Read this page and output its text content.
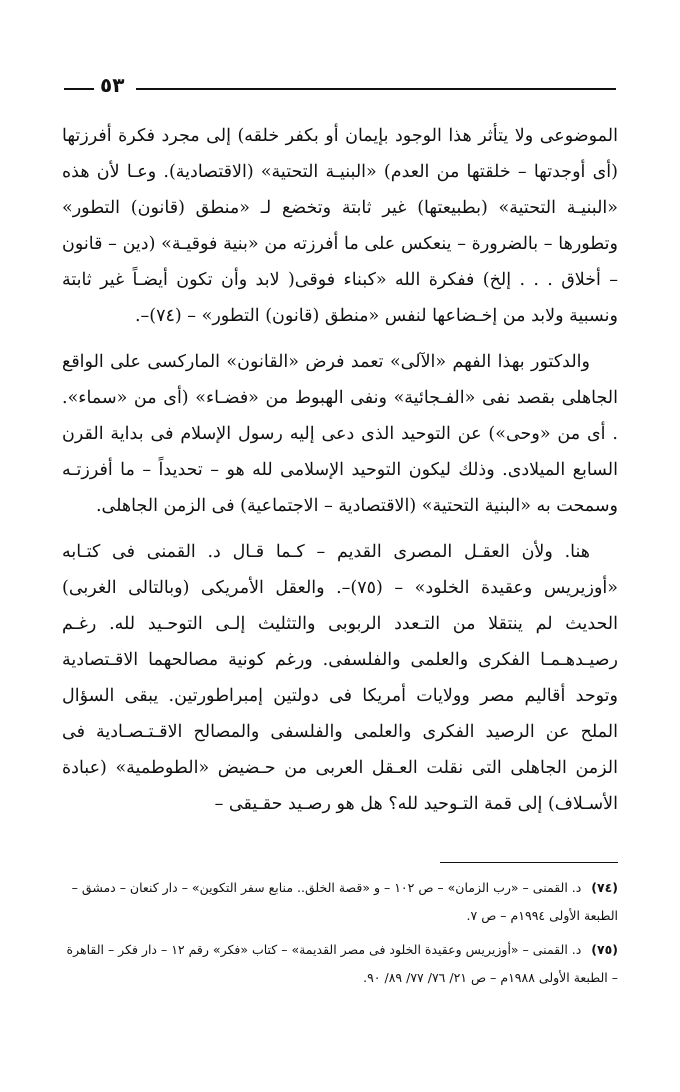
٥٣

الموضوعى ولا يتأثر هذا الوجود بإيمان أو بكفر خلقه) إلى مجرد فكرة أفرزتها (أى أوجدتها – خلقتها من العدم) «البنيـة التحتية» (الاقتصادية). وعـا لأن هذه «البنيـة التحتية» (بطبيعتها) غير ثابتة وتخضع لـ «منطق (قانون) التطور» وتطورها – بالضرورة – ينعكس على ما أفرزته من «بنية فوقيـة» (دين – قانون – أخلاق . . . إلخ) ففكرة الله «كبناء فوقى( لابد وأن تكون أيضـاً غير ثابتة ونسبية ولابد من إخـضاعها لنفس «منطق (قانون) التطور» – (٧٤)–.

والدكتور بهذا الفهم «الآلى» تعمد فرض «القانون» الماركسى على الواقع الجاهلى بقصد نفى «الفـجائية» ونفى الهبوط من «فضـاء» (أى من «سماء». . أى من «وحى») عن التوحيد الذى دعى إليه رسول الإسلام فى بداية القرن السابع الميلادى. وذلك ليكون التوحيد الإسلامى لله هو – تحديداً – ما أفرزتـه وسمحت به «البنية التحتية» (الاقتصادية – الاجتماعية) فى الزمن الجاهلى.

هنا. ولأن العقـل المصرى القديم – كـما قـال د. القمنى فى كتـابه «أوزيريس وعقيدة الخلود» – (٧٥)–. والعقل الأمريكى (وبالتالى الغربى) الحديث لم ينتقلا من التـعدد الربوبى والتثليث إلـى التوحـيد لله. رغـم رصيـدهـمـا الفكرى والعلمى والفلسفى. ورغم كونية مصالحهما الاقـتصادية وتوحد أقاليم مصر وولايات أمريكا فى دولتين إمبراطورتين. يبقى السؤال الملح عن الرصيد الفكرى والعلمى والفلسفى والمصالح الاقـتـصـادية فى الزمن الجاهلى التى نقلت العـقل العربى من حـضيض «الطوطمية» (عبادة الأسـلاف) إلى قمة التـوحيد لله؟ هل هو رصـيد حقـيقى –

(٧٤) د. القمنى – «رب الزمان» – ص ١٠٢ – و «قصة الخلق.. منابع سفر التكوين» – دار كنعان – دمشق – الطبعة الأولى ١٩٩٤م – ص ٧.

(٧٥) د. القمنى – «أوزيريس وعقيدة الخلود فى مصر القديمة» – كتاب «فكر» رقم ١٢ – دار فكر – القاهرة – الطبعة الأولى ١٩٨٨م – ص ٢١/ ٧٦/ ٧٧/ ٨٩/ ٩٠.
